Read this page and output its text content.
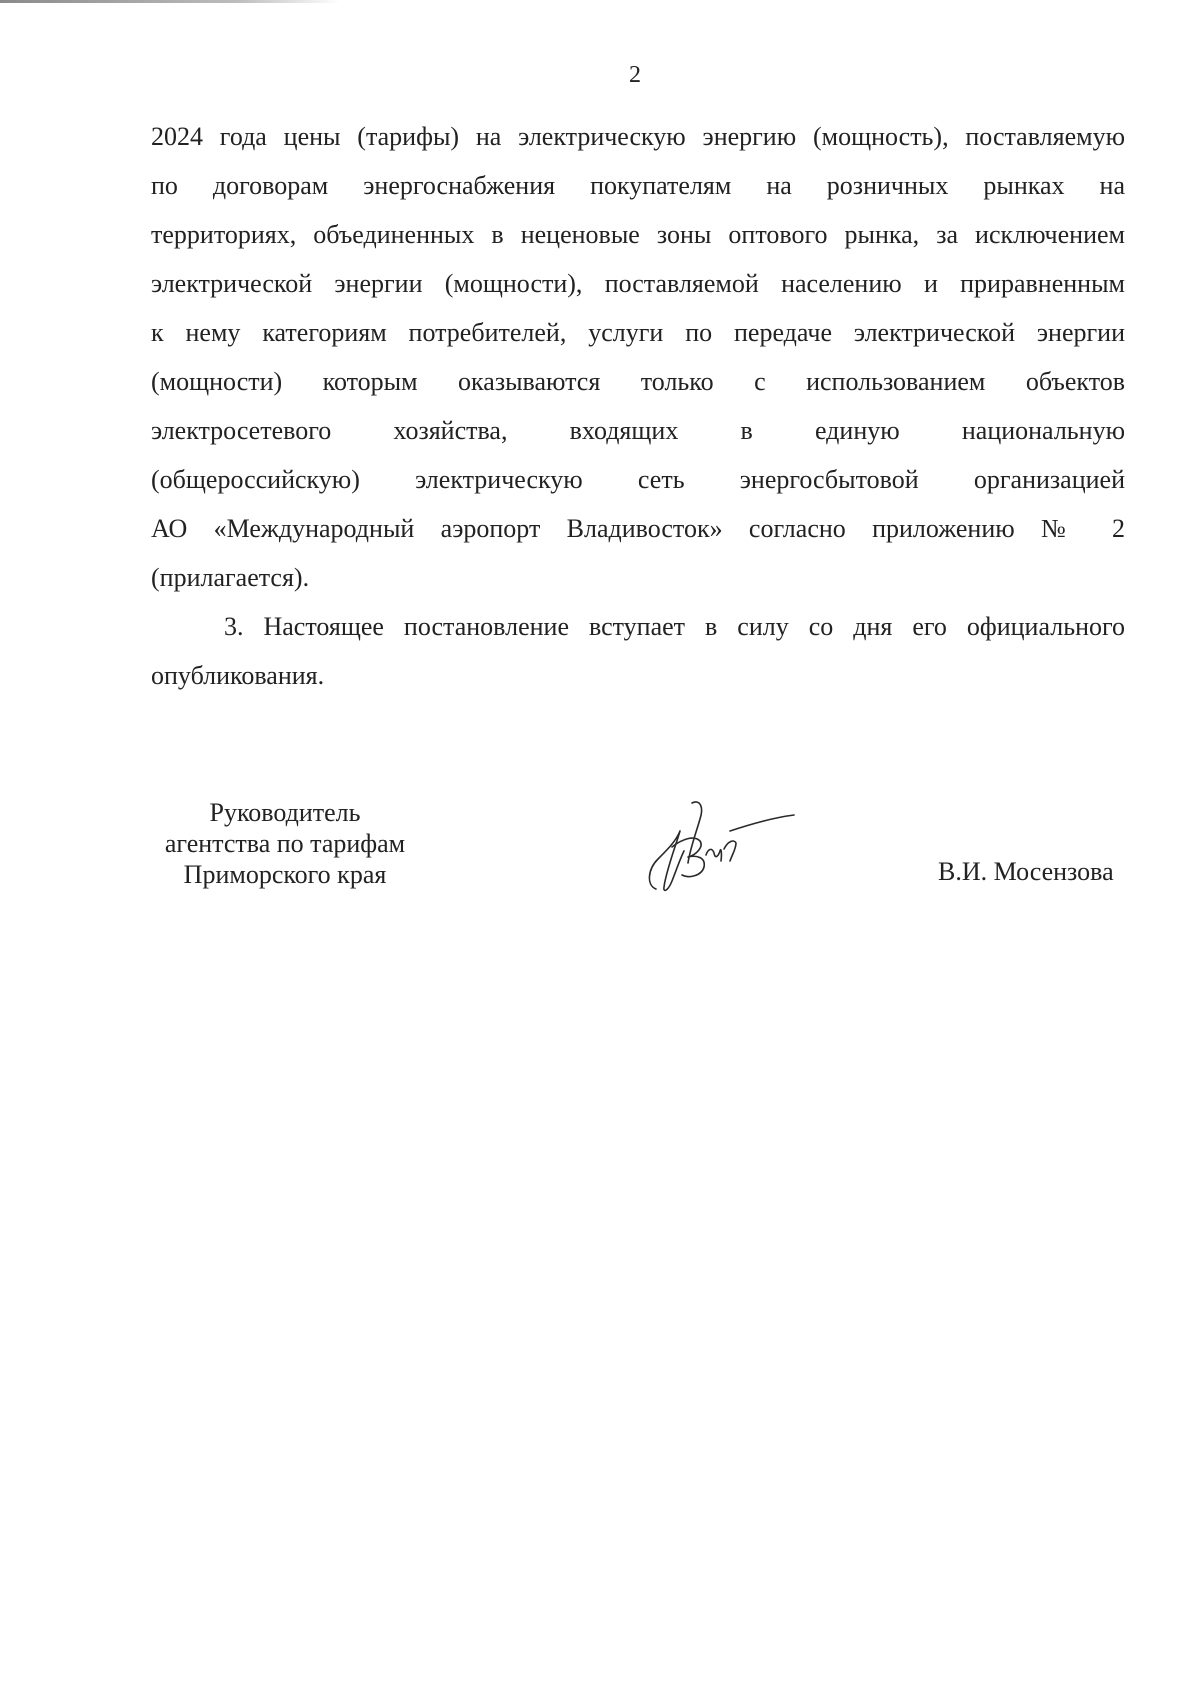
2
2024 года цены (тарифы) на электрическую энергию (мощность), поставляемую
по договорам энергоснабжения покупателям на розничных рынках на
территориях, объединенных в неценовые зоны оптового рынка, за исключением
электрической энергии (мощности), поставляемой населению и приравненным
к нему категориям потребителей, услуги по передаче электрической энергии
(мощности) которым оказываются только с использованием объектов
электросетевого хозяйства, входящих в единую национальную
(общероссийскую) электрическую сеть энергосбытовой организацией
АО «Международный аэропорт Владивосток» согласно приложению № 2
(прилагается).
3. Настоящее постановление вступает в силу со дня его официального
опубликования.
Руководитель
агентства по тарифам
Приморского края	В.И. Мосензова
